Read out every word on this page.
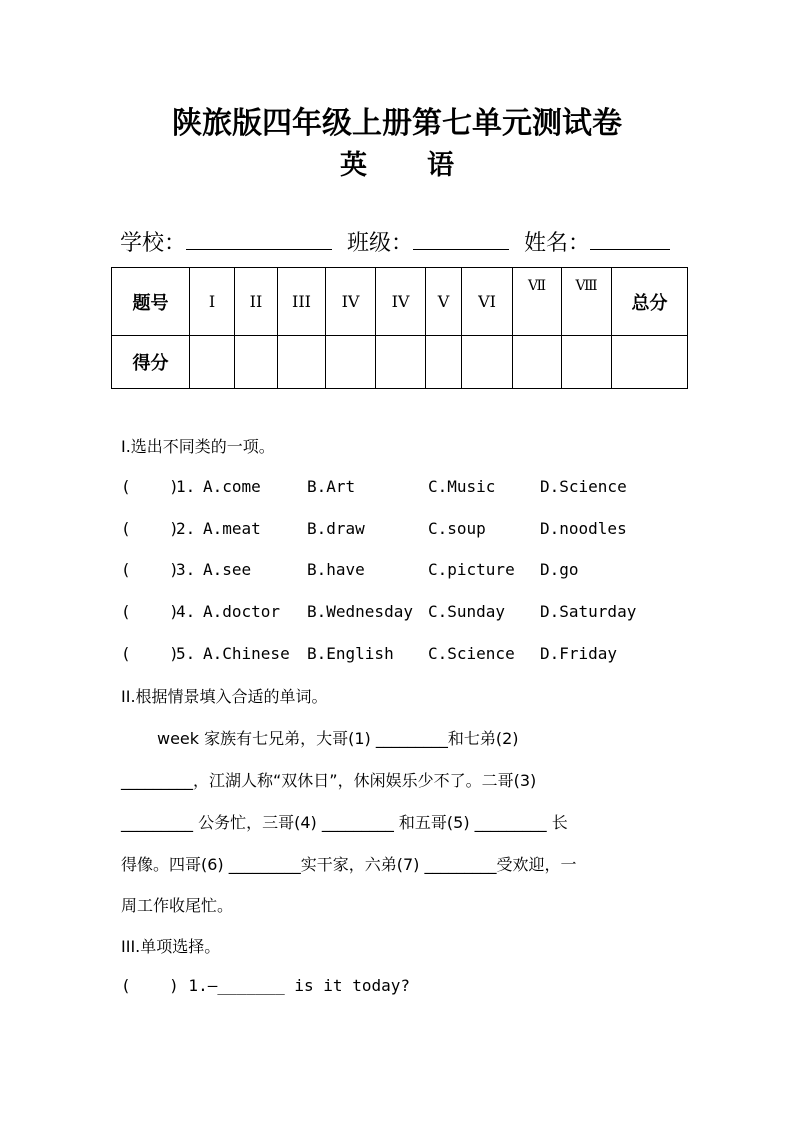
陕旅版四年级上册第七单元测试卷
英 语
学校：	班级：	姓名：
题号	I	II	III	IV	IV	V	VI	Ⅶ	Ⅷ	总分
得分										
I.选出不同类的一项。
(    )
1. A.come	B.Art	C.Music	D.Science
(    )
2. A.meat	B.draw	C.soup	D.noodles
(    )
3. A.see	B.have	C.picture D.go
(    )
4. A.doctor B.Wednesday C.Sunday D.Saturday
(    )
5. A.Chinese B.English C.Science D.Friday
II.根据情景填入合适的单词。
week 家族有七兄弟，大哥(1) _________和七弟(2)
_________，江湖人称“双休日”，休闲娱乐少不了。二哥(3)
_________ 公务忙，三哥(4) _________ 和五哥(5) _________ 长
得像。四哥(6) _________实干家，六弟(7) _________受欢迎，一
周工作收尾忙。
III.单项选择。
(    ) 1.—_______ is it today?
